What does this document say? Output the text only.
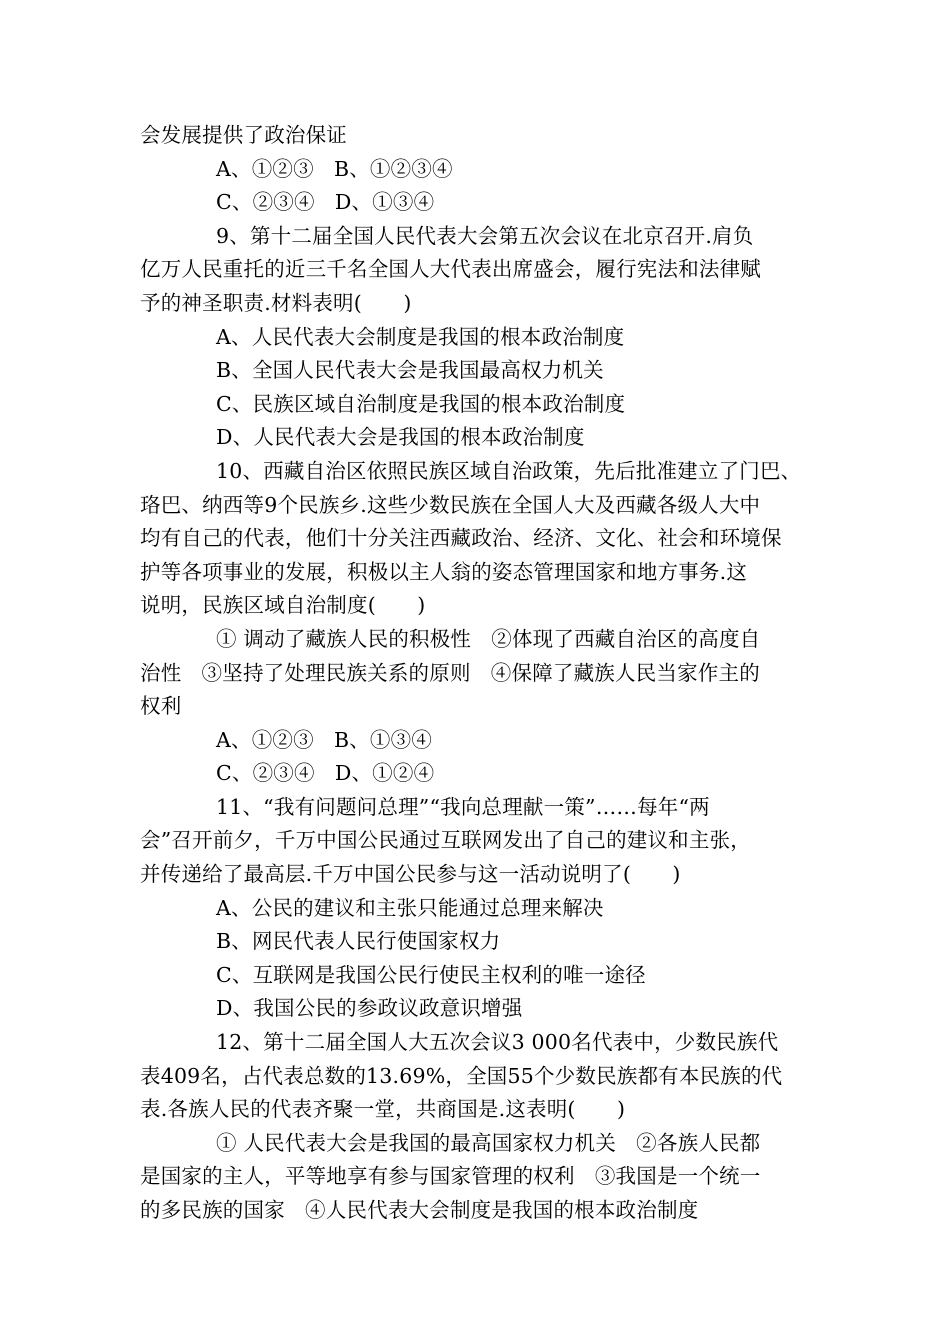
会发展提供了政治保证
A、①②③   B、①②③④
C、②③④   D、①③④
9、第十二届全国人民代表大会第五次会议在北京召开.肩负
亿万人民重托的近三千名全国人大代表出席盛会，履行宪法和法律赋
予的神圣职责.材料表明(　　)
A、人民代表大会制度是我国的根本政治制度
B、全国人民代表大会是我国最高权力机关
C、民族区域自治制度是我国的根本政治制度
D、人民代表大会是我国的根本政治制度
10、西藏自治区依照民族区域自治政策，先后批准建立了门巴、
珞巴、纳西等9个民族乡.这些少数民族在全国人大及西藏各级人大中
均有自己的代表，他们十分关注西藏政治、经济、文化、社会和环境保
护等各项事业的发展，积极以主人翁的姿态管理国家和地方事务.这
说明，民族区域自治制度(　　)
① 调动了藏族人民的积极性   ②体现了西藏自治区的高度自
治性   ③坚持了处理民族关系的原则   ④保障了藏族人民当家作主的
权利
A、①②③   B、①③④
C、②③④   D、①②④
11、“我有问题问总理”“我向总理献一策”……每年“两
会”召开前夕，千万中国公民通过互联网发出了自己的建议和主张，
并传递给了最高层.千万中国公民参与这一活动说明了(　　)
A、公民的建议和主张只能通过总理来解决
B、网民代表人民行使国家权力
C、互联网是我国公民行使民主权利的唯一途径
D、我国公民的参政议政意识增强
12、第十二届全国人大五次会议3 000名代表中，少数民族代
表409名，占代表总数的13.69%，全国55个少数民族都有本民族的代
表.各族人民的代表齐聚一堂，共商国是.这表明(　　)
① 人民代表大会是我国的最高国家权力机关   ②各族人民都
是国家的主人，平等地享有参与国家管理的权利   ③我国是一个统一
的多民族的国家   ④人民代表大会制度是我国的根本政治制度
